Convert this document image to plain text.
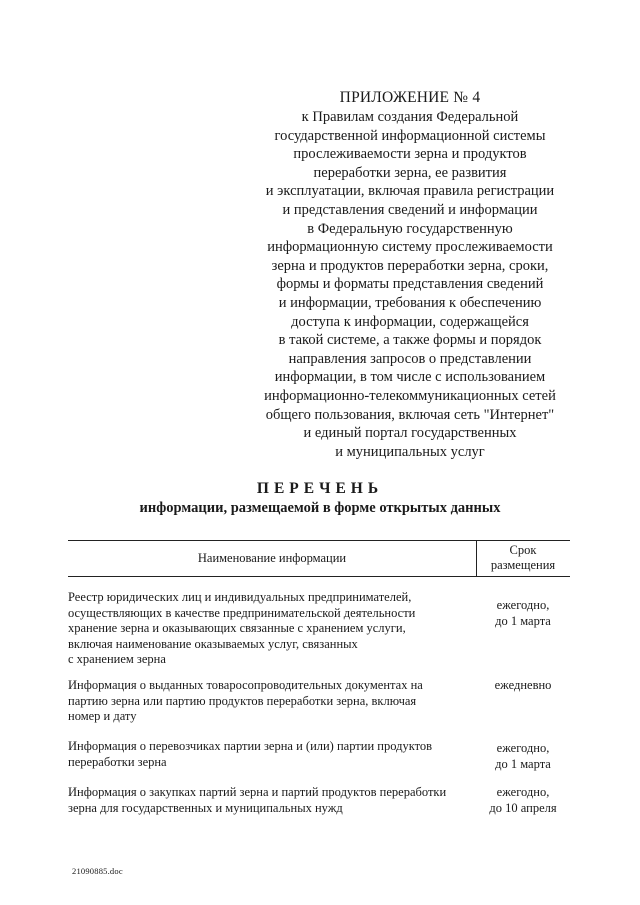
ПРИЛОЖЕНИЕ № 4
к Правилам создания Федеральной
государственной информационной системы
прослеживаемости зерна и продуктов
переработки зерна, ее развития
и эксплуатации, включая правила регистрации
и представления сведений и информации
в Федеральную государственную
информационную систему прослеживаемости
зерна и продуктов переработки зерна, сроки,
формы и форматы представления сведений
и информации, требования к обеспечению
доступа к информации, содержащейся
в такой системе, а также формы и порядок
направления запросов о представлении
информации, в том числе с использованием
информационно-телекоммуникационных сетей
общего пользования, включая сеть "Интернет"
и единый портал государственных
и муниципальных услуг
ПЕРЕЧЕНЬ
информации, размещаемой в форме открытых данных
Наименование информации
Срок
размещения
Реестр юридических лиц и индивидуальных предпринимателей,
осуществляющих в качестве предпринимательской деятельности
хранение зерна и оказывающих связанные с хранением услуги,
включая наименование оказываемых услуг, связанных
с хранением зерна
ежегодно,
до 1 марта
Информация о выданных товаросопроводительных документах на
партию зерна или партию продуктов переработки зерна, включая
номер и дату
ежедневно
Информация о перевозчиках партии зерна и (или) партии продуктов
переработки зерна
ежегодно,
до 1 марта
Информация о закупках партий зерна и партий продуктов переработки
зерна для государственных и муниципальных нужд
ежегодно,
до 10 апреля
21090885.doc
